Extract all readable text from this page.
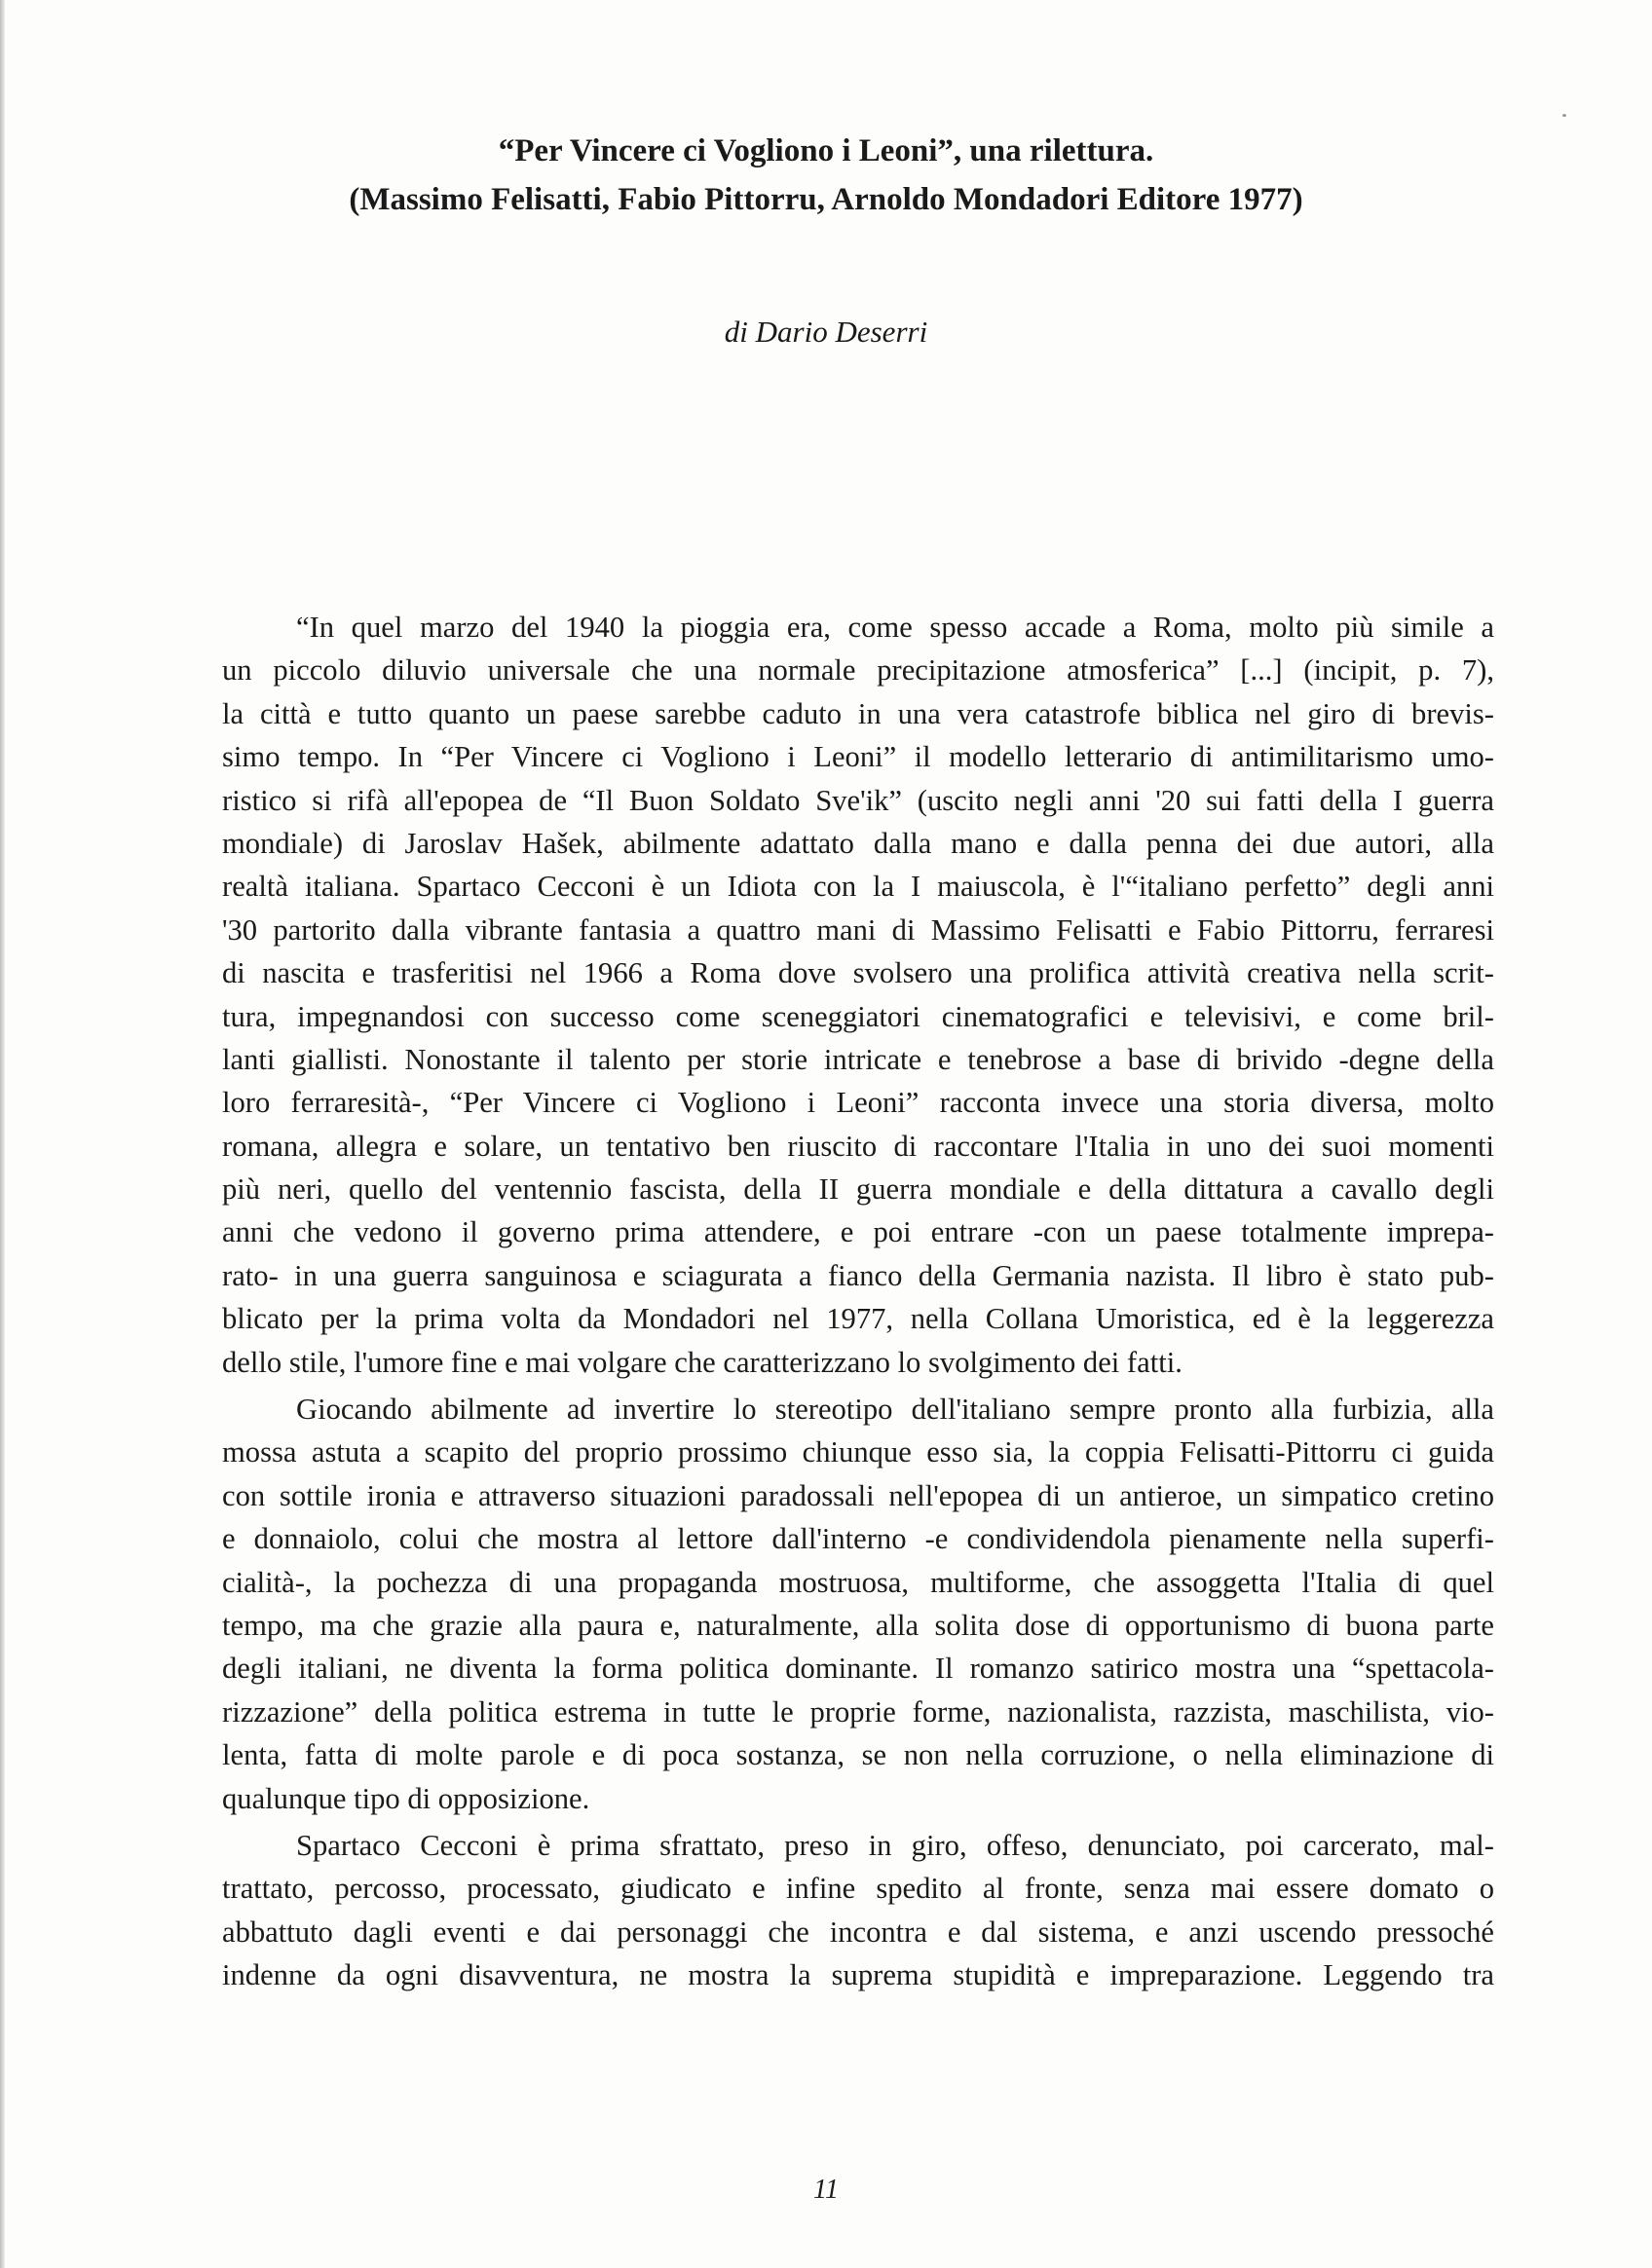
“Per Vincere ci Vogliono i Leoni”, una rilettura.
(Massimo Felisatti, Fabio Pittorru, Arnoldo Mondadori Editore 1977)
di Dario Deserri
“In quel marzo del 1940 la pioggia era, come spesso accade a Roma, molto più simile a
un piccolo diluvio universale che una normale precipitazione atmosferica” [...] (incipit, p. 7),
la città e tutto quanto un paese sarebbe caduto in una vera catastrofe biblica nel giro di brevis-
simo tempo. In “Per Vincere ci Vogliono i Leoni” il modello letterario di antimilitarismo umo-
ristico si rifà all'epopea de “Il Buon Soldato Sve'ik” (uscito negli anni '20 sui fatti della I guerra
mondiale) di Jaroslav Hašek, abilmente adattato dalla mano e dalla penna dei due autori, alla
realtà italiana. Spartaco Cecconi è un Idiota con la I maiuscola, è l'“italiano perfetto” degli anni
'30 partorito dalla vibrante fantasia a quattro mani di Massimo Felisatti e Fabio Pittorru, ferraresi
di nascita e trasferitisi nel 1966 a Roma dove svolsero una prolifica attività creativa nella scrit-
tura, impegnandosi con successo come sceneggiatori cinematografici e televisivi, e come bril-
lanti giallisti. Nonostante il talento per storie intricate e tenebrose a base di brivido -degne della
loro ferraresità-, “Per Vincere ci Vogliono i Leoni” racconta invece una storia diversa, molto
romana, allegra e solare, un tentativo ben riuscito di raccontare l'Italia in uno dei suoi momenti
più neri, quello del ventennio fascista, della II guerra mondiale e della dittatura a cavallo degli
anni che vedono il governo prima attendere, e poi entrare -con un paese totalmente imprepa-
rato- in una guerra sanguinosa e sciagurata a fianco della Germania nazista. Il libro è stato pub-
blicato per la prima volta da Mondadori nel 1977, nella Collana Umoristica, ed è la leggerezza
dello stile, l'umore fine e mai volgare che caratterizzano lo svolgimento dei fatti.
Giocando abilmente ad invertire lo stereotipo dell'italiano sempre pronto alla furbizia, alla
mossa astuta a scapito del proprio prossimo chiunque esso sia, la coppia Felisatti-Pittorru ci guida
con sottile ironia e attraverso situazioni paradossali nell'epopea di un antieroe, un simpatico cretino
e donnaiolo, colui che mostra al lettore dall'interno -e condividendola pienamente nella superfi-
cialità-, la pochezza di una propaganda mostruosa, multiforme, che assoggetta l'Italia di quel
tempo, ma che grazie alla paura e, naturalmente, alla solita dose di opportunismo di buona parte
degli italiani, ne diventa la forma politica dominante. Il romanzo satirico mostra una “spettacola-
rizzazione” della politica estrema in tutte le proprie forme, nazionalista, razzista, maschilista, vio-
lenta, fatta di molte parole e di poca sostanza, se non nella corruzione, o nella eliminazione di
qualunque tipo di opposizione.
Spartaco Cecconi è prima sfrattato, preso in giro, offeso, denunciato, poi carcerato, mal-
trattato, percosso, processato, giudicato e infine spedito al fronte, senza mai essere domato o
abbattuto dagli eventi e dai personaggi che incontra e dal sistema, e anzi uscendo pressoché
indenne da ogni disavventura, ne mostra la suprema stupidità e impreparazione. Leggendo tra
11
